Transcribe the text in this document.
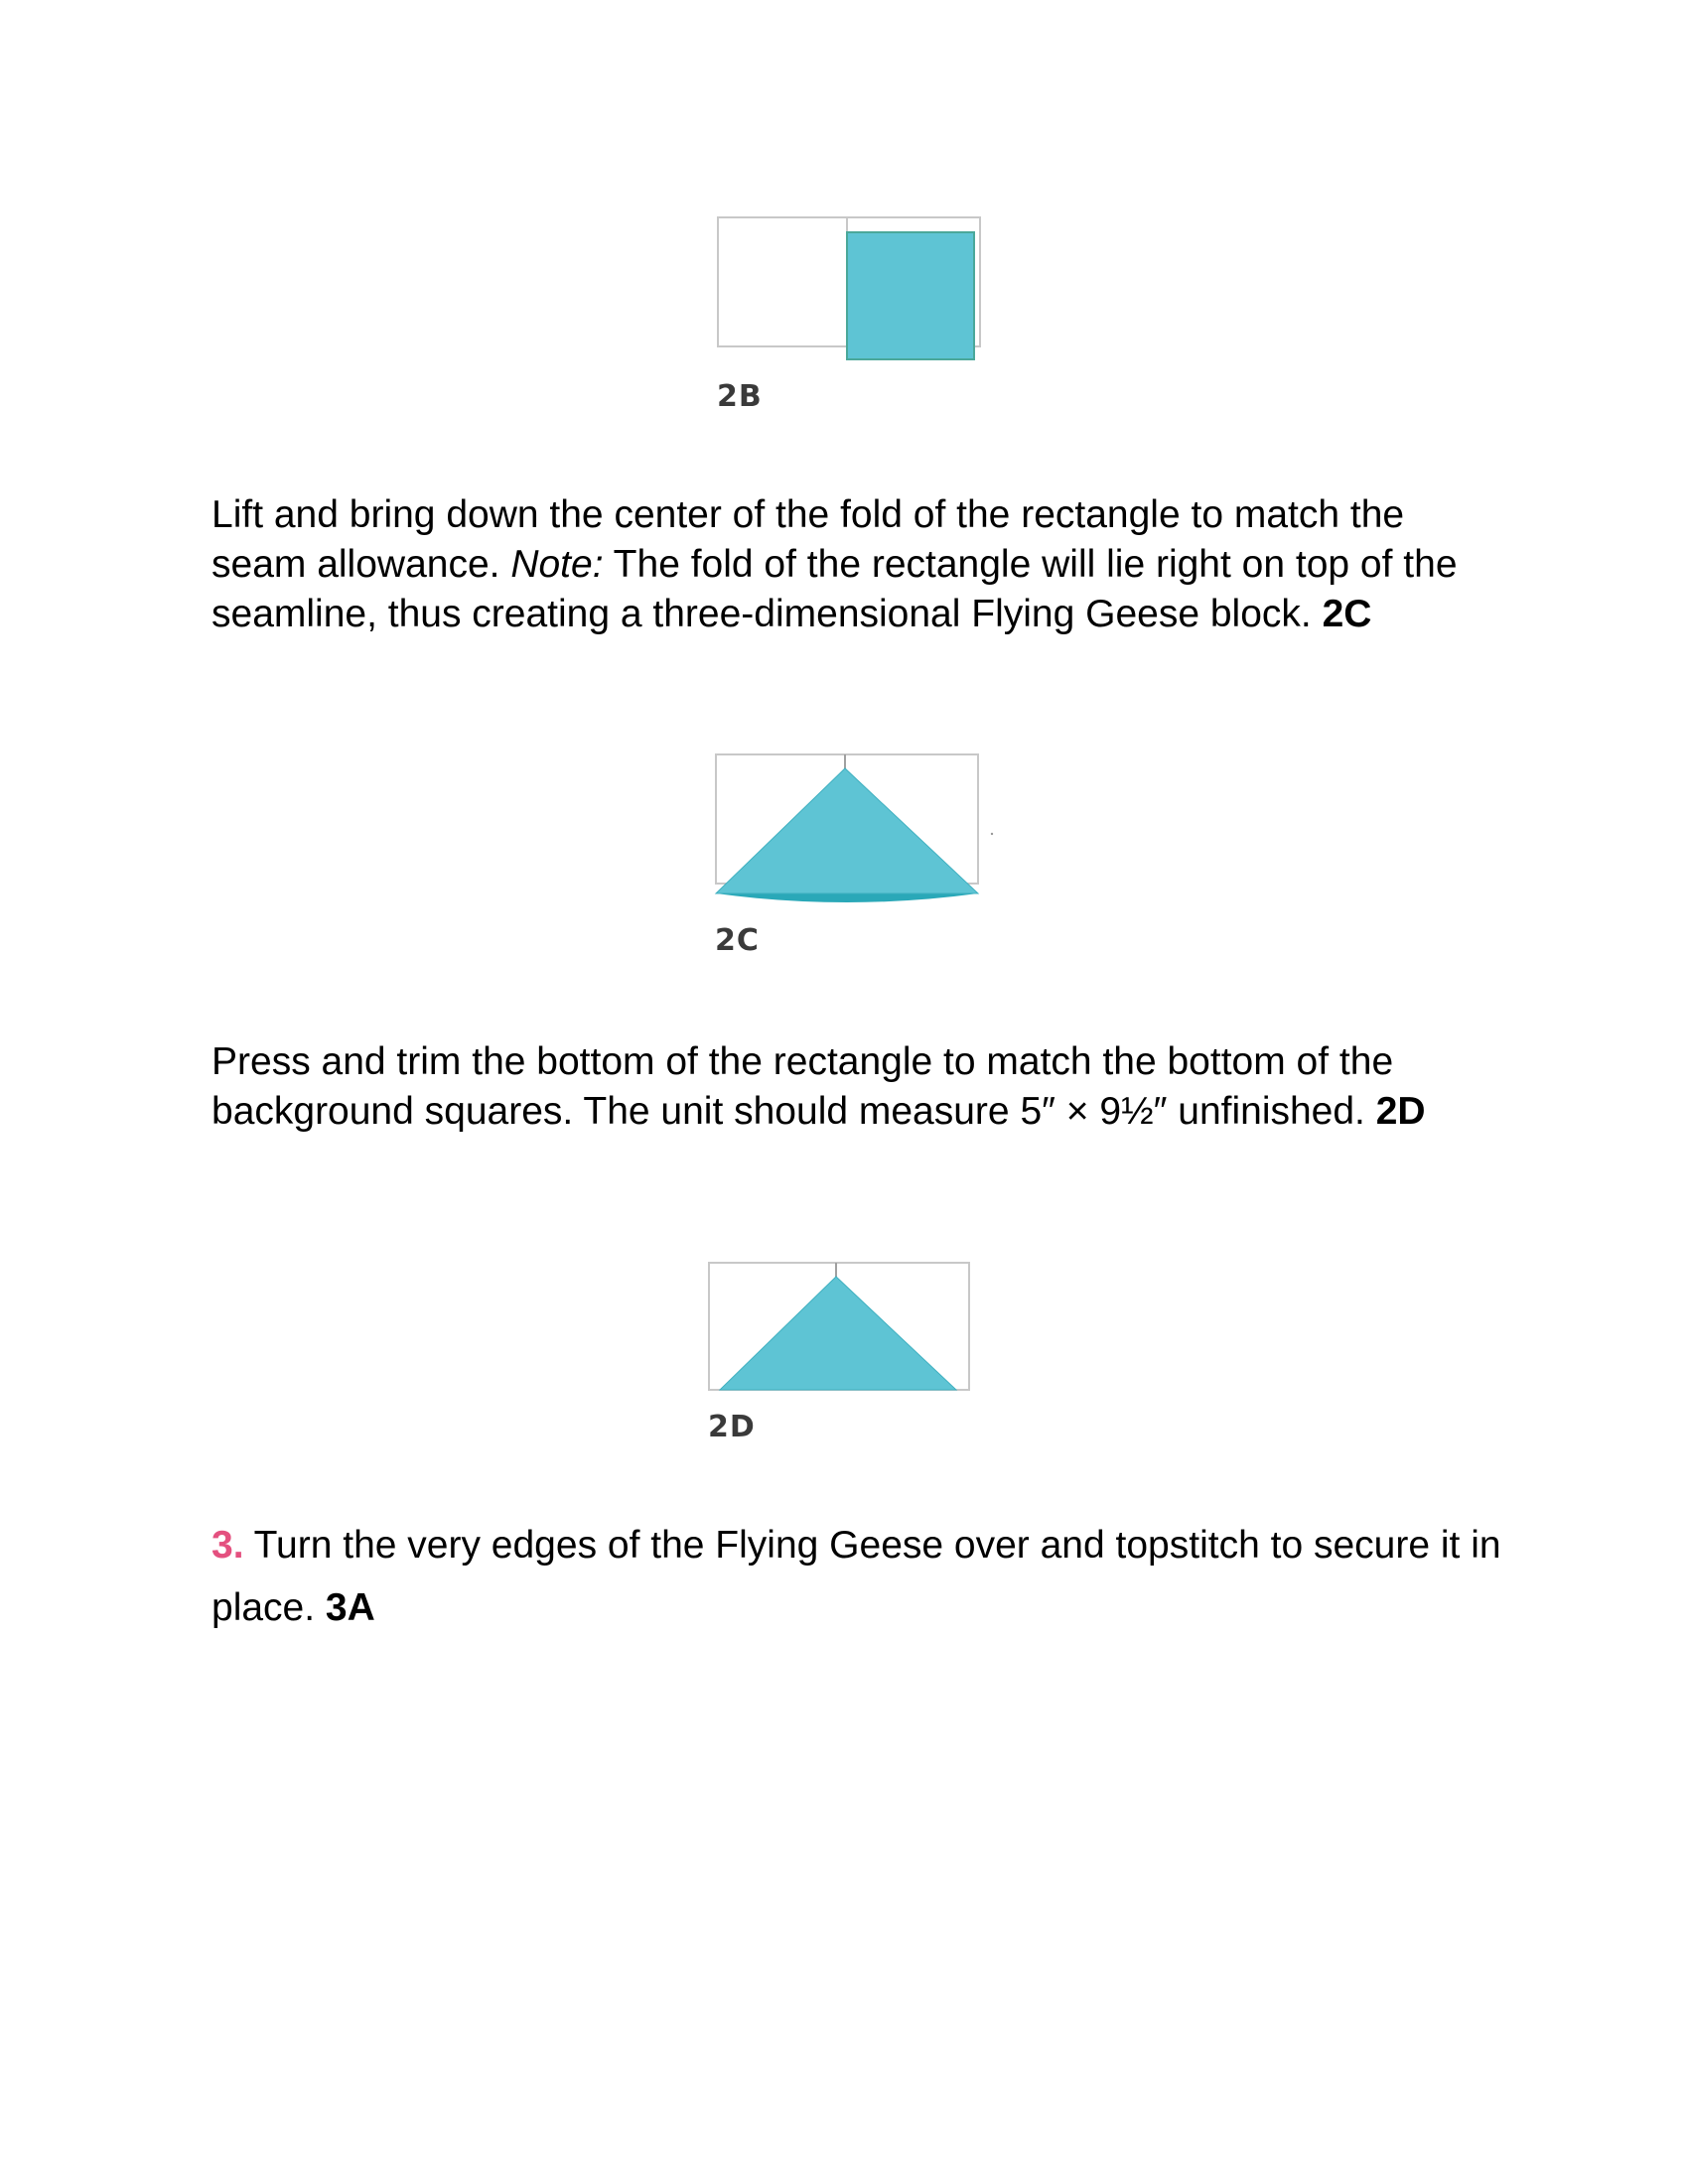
2B
Lift and bring down the center of the fold of the rectangle to match the seam allowance. Note: The fold of the rectangle will lie right on top of the seamline, thus creating a three-dimensional Flying Geese block. 2C
2C
Press and trim the bottom of the rectangle to match the bottom of the background squares. The unit should measure 5″ × 9½″ unfinished. 2D
2D
3. Turn the very edges of the Flying Geese over and topstitch to secure it in place. 3A
